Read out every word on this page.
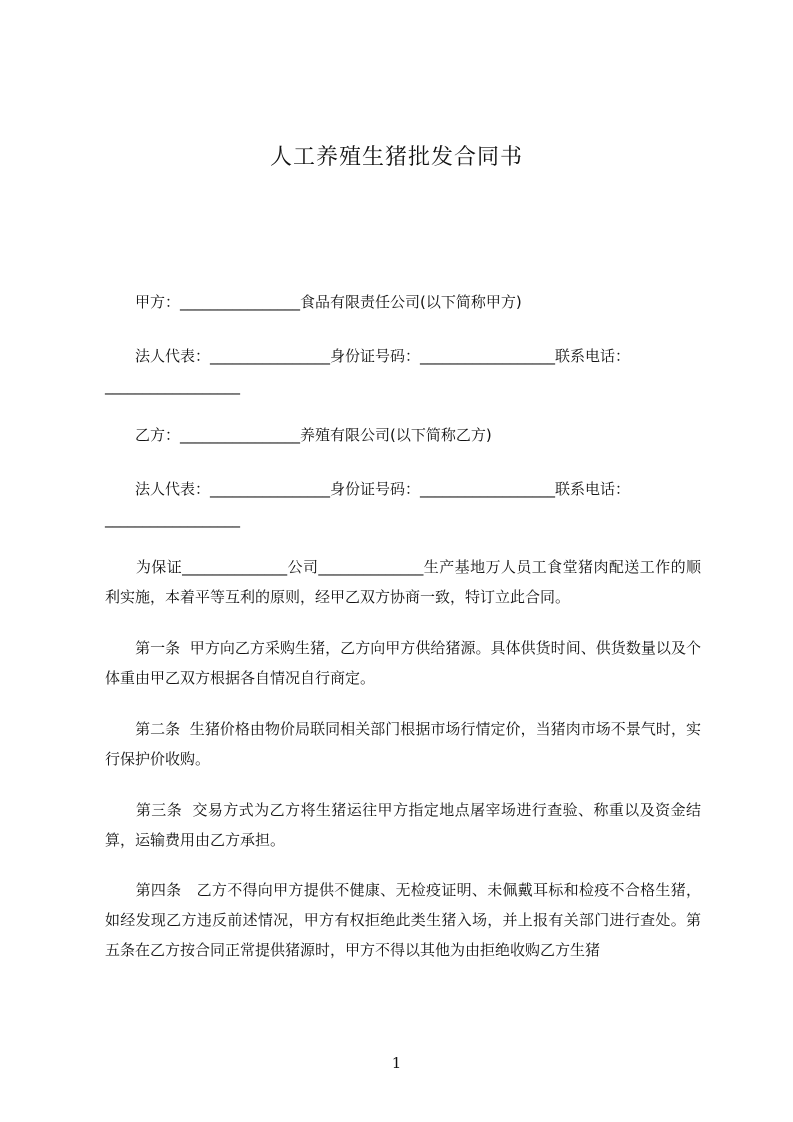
人工养殖生猪批发合同书
　　甲方：________________食品有限责任公司(以下简称甲方)
　　法人代表：________________身份证号码：__________________联系电话：__________________
　　乙方：________________养殖有限公司(以下简称乙方)
　　法人代表：________________身份证号码：__________________联系电话：__________________
　　为保证______________公司______________生产基地万人员工食堂猪肉配送工作的顺利实施，本着平等互利的原则，经甲乙双方协商一致，特订立此合同。
　　第一条  甲方向乙方采购生猪，乙方向甲方供给猪源。具体供货时间、供货数量以及个体重由甲乙双方根据各自情况自行商定。
　　第二条  生猪价格由物价局联同相关部门根据市场行情定价，当猪肉市场不景气时，实行保护价收购。
　　第三条  交易方式为乙方将生猪运往甲方指定地点屠宰场进行查验、称重以及资金结算，运输费用由乙方承担。
　　第四条   乙方不得向甲方提供不健康、无检疫证明、未佩戴耳标和检疫不合格生猪，如经发现乙方违反前述情况，甲方有权拒绝此类生猪入场，并上报有关部门进行查处。第五条在乙方按合同正常提供猪源时，甲方不得以其他为由拒绝收购乙方生猪
1
